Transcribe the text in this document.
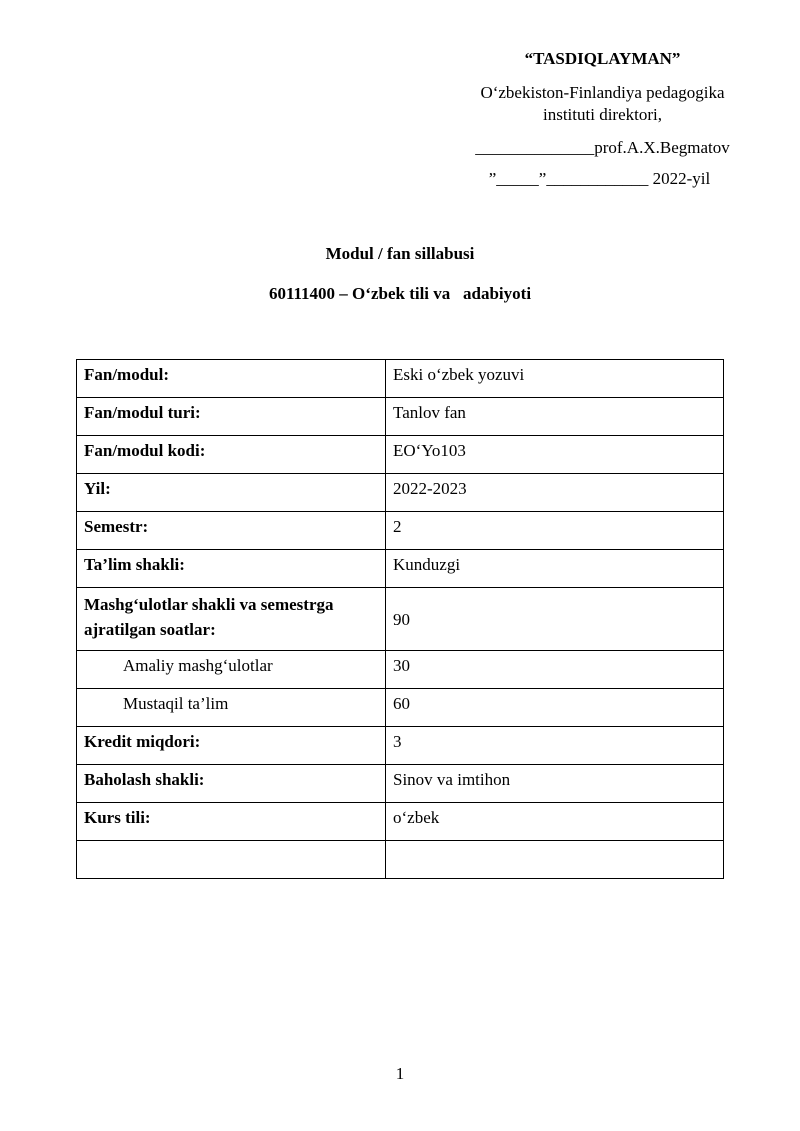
“TASDIQLAYMAN”
O‘zbekiston-Finlandiya pedagogika
instituti direktori,
______________prof.A.X.Begmatov
”_____”____________ 2022-yil
Modul / fan sillabusi
60111400 – O‘zbek tili va   adabiyoti
Fan/modul:	Eski o‘zbek yozuvi
Fan/modul turi:	Tanlov fan
Fan/modul kodi:	EO‘Yo103
Yil:	2022-2023
Semestr:	2
Ta’lim shakli:	Kunduzgi
Mashg‘ulotlar shakli va semestrga ajratilgan soatlar:	90
Amaliy mashg‘ulotlar	30
Mustaqil ta’lim	60
Kredit miqdori:	3
Baholash shakli:	Sinov va imtihon
Kurs tili:	o‘zbek

1
